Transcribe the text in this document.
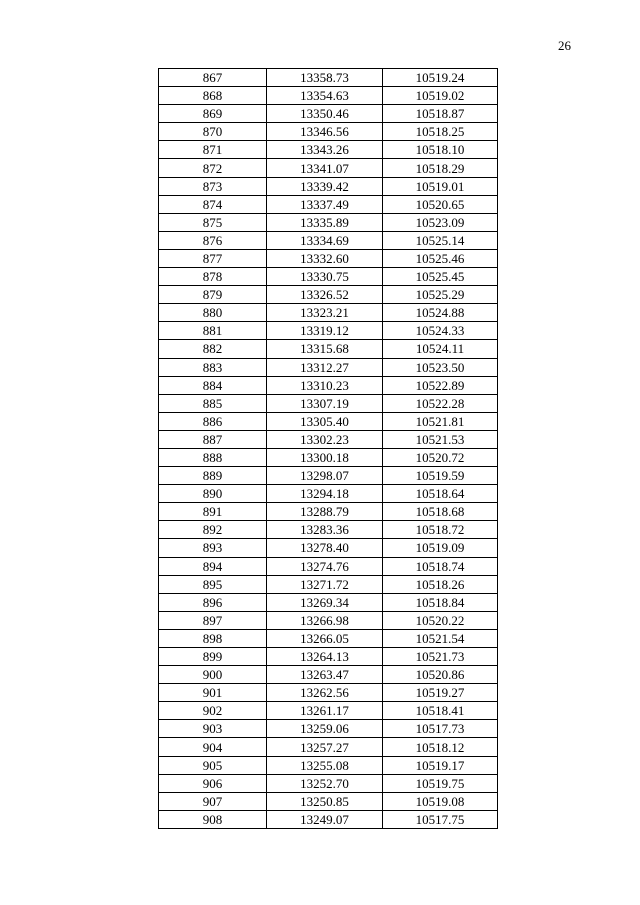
26
867	13358.73	10519.24
868	13354.63	10519.02
869	13350.46	10518.87
870	13346.56	10518.25
871	13343.26	10518.10
872	13341.07	10518.29
873	13339.42	10519.01
874	13337.49	10520.65
875	13335.89	10523.09
876	13334.69	10525.14
877	13332.60	10525.46
878	13330.75	10525.45
879	13326.52	10525.29
880	13323.21	10524.88
881	13319.12	10524.33
882	13315.68	10524.11
883	13312.27	10523.50
884	13310.23	10522.89
885	13307.19	10522.28
886	13305.40	10521.81
887	13302.23	10521.53
888	13300.18	10520.72
889	13298.07	10519.59
890	13294.18	10518.64
891	13288.79	10518.68
892	13283.36	10518.72
893	13278.40	10519.09
894	13274.76	10518.74
895	13271.72	10518.26
896	13269.34	10518.84
897	13266.98	10520.22
898	13266.05	10521.54
899	13264.13	10521.73
900	13263.47	10520.86
901	13262.56	10519.27
902	13261.17	10518.41
903	13259.06	10517.73
904	13257.27	10518.12
905	13255.08	10519.17
906	13252.70	10519.75
907	13250.85	10519.08
908	13249.07	10517.75
